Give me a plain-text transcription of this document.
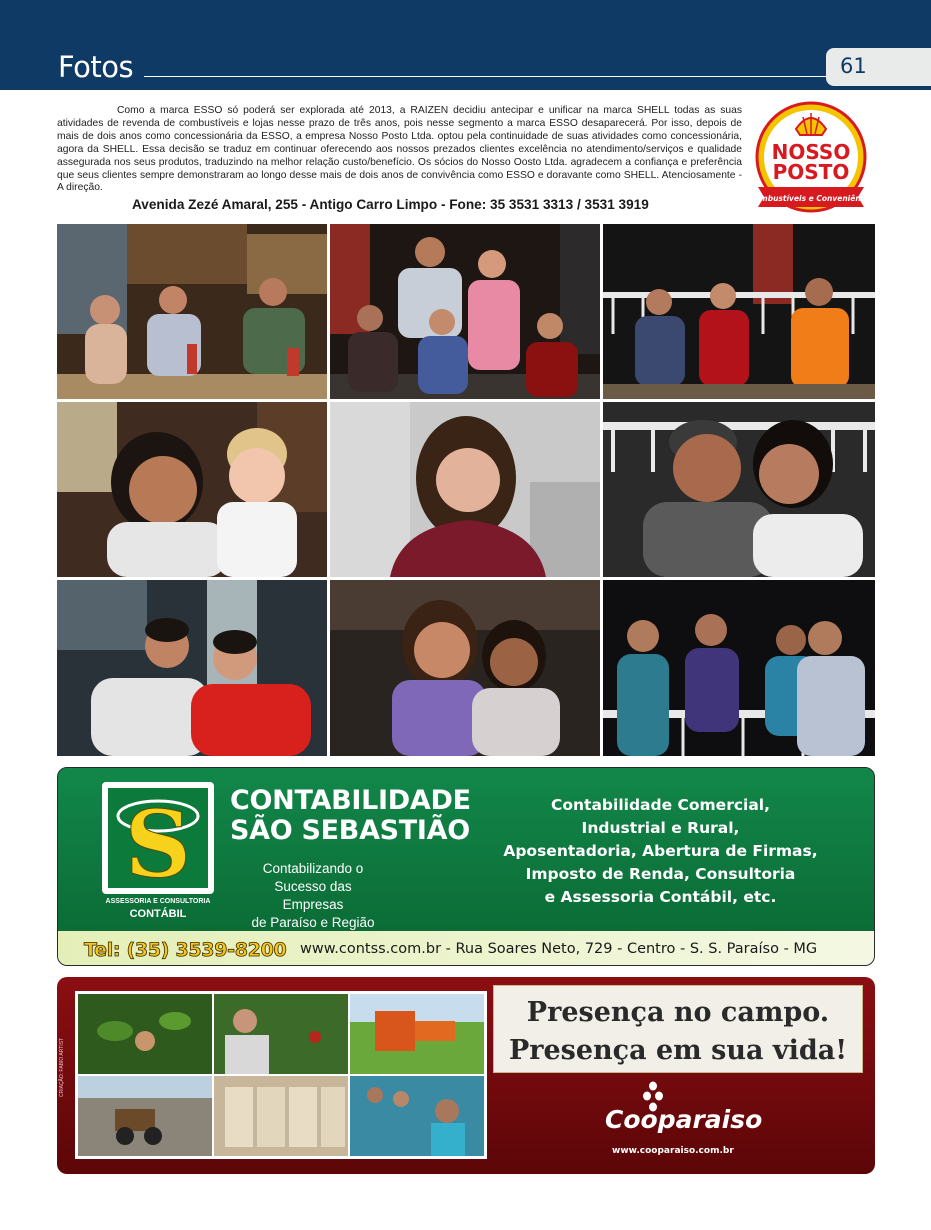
Fotos	61

Como a marca ESSO só poderá ser explorada até 2013, a RAIZEN decidiu antecipar e unificar na marca SHELL todas as suas atividades de revenda de combustíveis e lojas nesse prazo de três anos, pois nesse segmento a marca ESSO desaparecerá. Por isso, depois de mais de dois anos como concessionária da ESSO, a empresa Nosso Posto Ltda. optou pela continuidade de suas atividades como concessionária, agora da SHELL. Essa decisão se traduz em continuar oferecendo aos nossos prezados clientes excelência no atendimento/serviços e qualidade assegurada nos seus produtos, traduzindo na melhor relação custo/benefício. Os sócios do Nosso Oosto Ltda. agradecem a confiança e preferência que seus clientes sempre demonstraram ao longo desse mais de dois anos de convivência como ESSO e doravante como SHELL. Atenciosamente - A direção.

Avenida Zezé Amaral, 255 - Antigo Carro Limpo - Fone: 35 3531 3313 / 3531 3919
NOSSO
POSTO
Combustíveis e Conveniência
S
ASSESSORIA E CONSULTORIA
CONTÁBIL
CONTABILIDADE
SÃO SEBASTIÃO
Contabilizando o
Sucesso das Empresas
de Paraíso e Região
Contabilidade Comercial,
Industrial e Rural,
Aposentadoria, Abertura de Firmas,
Imposto de Renda, Consultoria
e Assessoria Contábil, etc.
Tel: (35) 3539-8200 www.contss.com.br - Rua Soares Neto, 729 - Centro - S. S. Paraíso - MG
CRIAÇÃO: FABIO ARTIST
Presença no campo.
Presença em sua vida!
Cooparaiso
www.cooparaiso.com.br
